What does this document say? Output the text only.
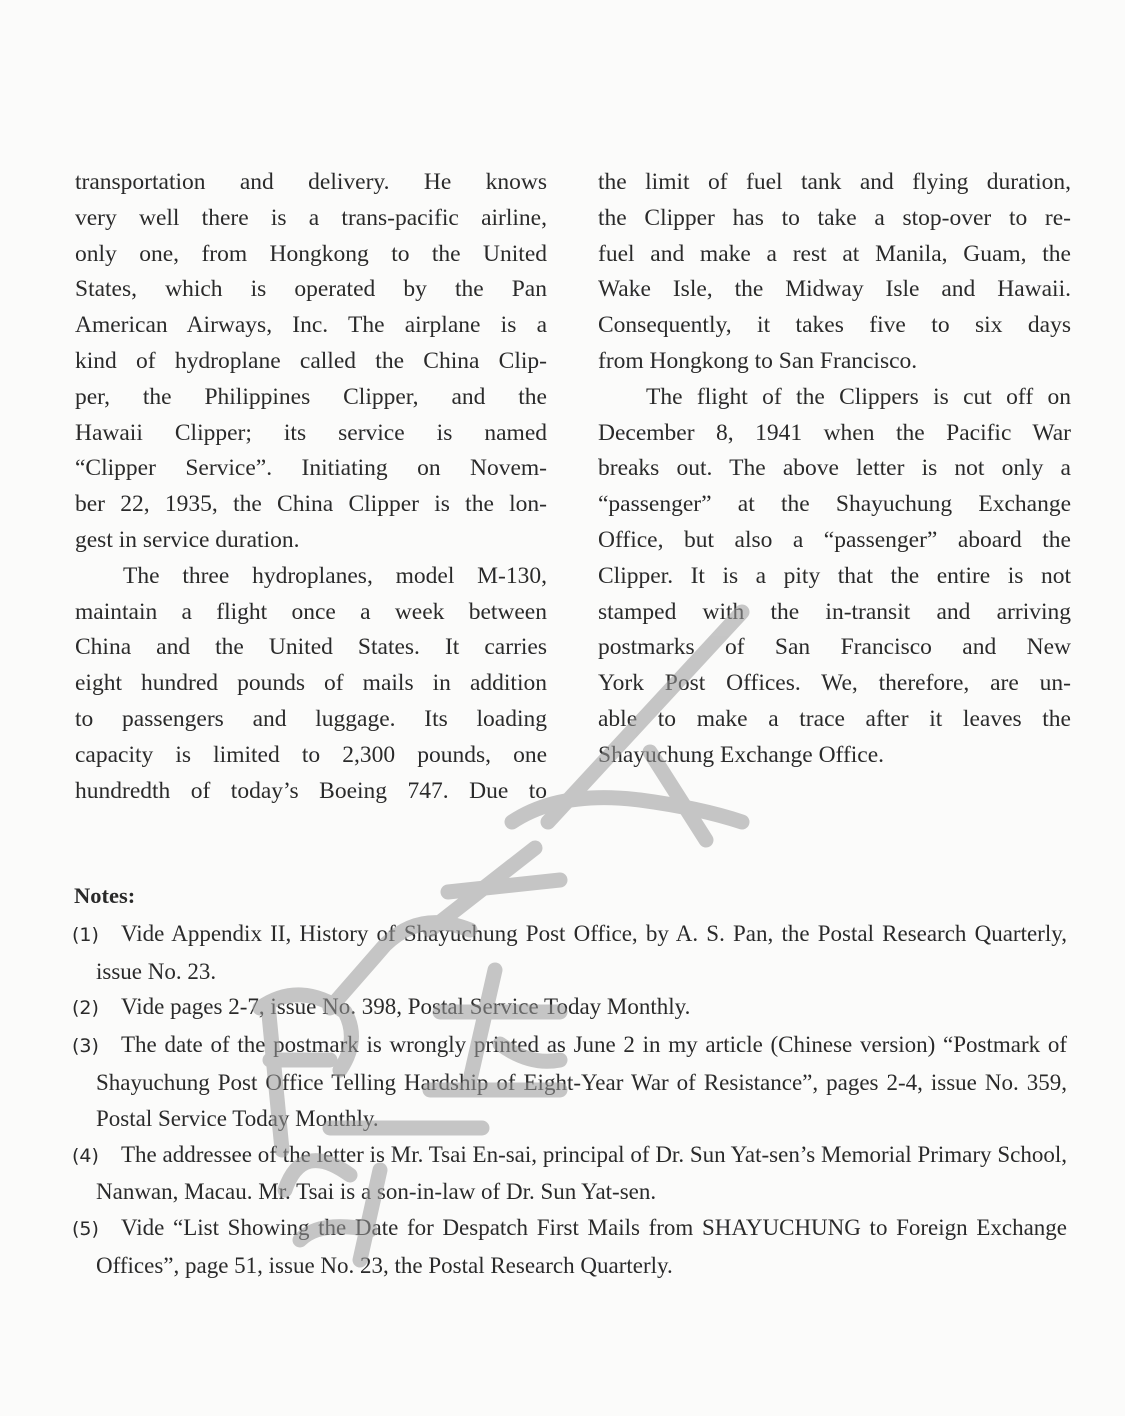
transportation and delivery. He knows

very well there is a trans-pacific airline,

only one, from Hongkong to the United

States, which is operated by the Pan

American Airways, Inc. The airplane is a

kind of hydroplane called the China Clip-

per, the Philippines Clipper, and the

Hawaii Clipper; its service is named

“Clipper Service”. Initiating on Novem-

ber 22, 1935, the China Clipper is the lon-

gest in service duration.

The three hydroplanes, model M-130,

maintain a flight once a week between

China and the United States. It carries

eight hundred pounds of mails in addition

to passengers and luggage. Its loading

capacity is limited to 2,300 pounds, one

hundredth of today’s Boeing 747. Due to

the limit of fuel tank and flying duration,

the Clipper has to take a stop-over to re-

fuel and make a rest at Manila, Guam, the

Wake Isle, the Midway Isle and Hawaii.

Consequently, it takes five to six days

from Hongkong to San Francisco.

The flight of the Clippers is cut off on

December 8, 1941 when the Pacific War

breaks out. The above letter is not only a

“passenger” at the Shayuchung Exchange

Office, but also a “passenger” aboard the

Clipper. It is a pity that the entire is not

stamped with the in-transit and arriving

postmarks of San Francisco and New

York Post Offices. We, therefore, are un-

able to make a trace after it leaves the

Shayuchung Exchange Office.

Notes:

(1) Vide Appendix II, History of Shayuchung Post Office, by A. S. Pan, the Postal Research Quarterly, issue No. 23.

(2) Vide pages 2-7, issue No. 398, Postal Service Today Monthly.

(3) The date of the postmark is wrongly printed as June 2 in my article (Chinese version) “Postmark of Shayuchung Post Office Telling Hardship of Eight-Year War of Resistance”, pages 2-4, issue No. 359, Postal Service Today Monthly.

(4) The addressee of the letter is Mr. Tsai En-sai, principal of Dr. Sun Yat-sen’s Memorial Primary School, Nanwan, Macau. Mr. Tsai is a son-in-law of Dr. Sun Yat-sen.

(5) Vide “List Showing the Date for Despatch First Mails from SHAYUCHUNG to Foreign Exchange Offices”, page 51, issue No. 23, the Postal Research Quarterly.
